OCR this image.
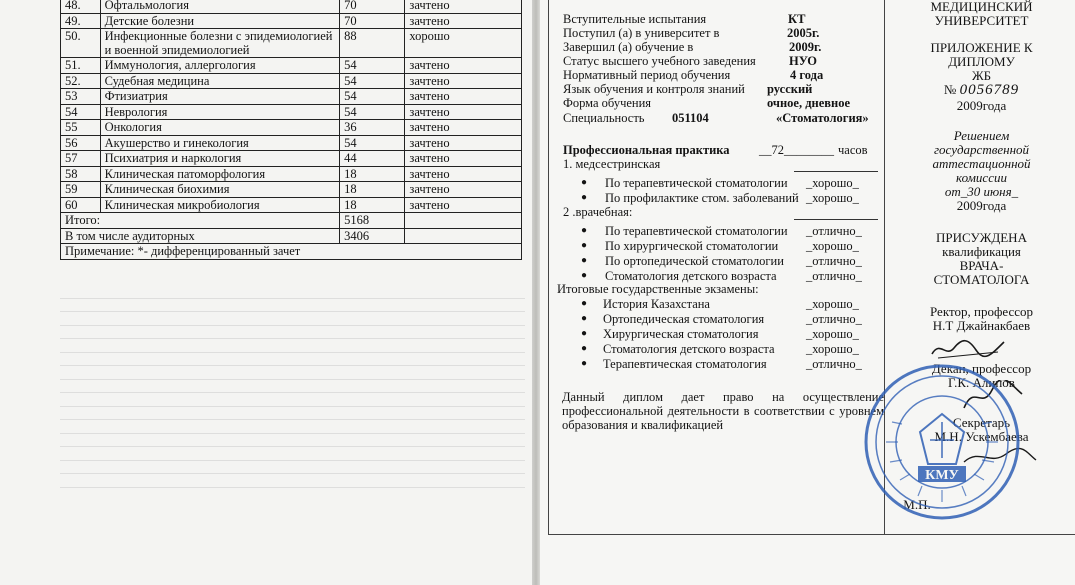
48.	Офтальмология	70	зачтено
49.	Детские болезни	70	зачтено
50.	Инфекционные болезни с эпидемиологией и военной эпидемиологией	88	хорошо
51.	Иммунология, аллергология	54	зачтено
52.	Судебная медицина	54	зачтено
53	Фтизиатрия	54	зачтено
54	Неврология	54	зачтено
55	Онкология	36	зачтено
56	Акушерство и гинекология	54	зачтено
57	Психиатрия и наркология	44	зачтено
58	Клиническая патоморфология	18	зачтено
59	Клиническая биохимия	18	зачтено
60	Клиническая микробиология	18	зачтено
Итого:		5168	
В том числе аудиторных		3406	
Примечание: *- дифференцированный зачет			
Вступительные испытания	КТ
Поступил (а) в университет в	2005г.
Завершил (а) обучение в	2009г.
Статус высшего учебного заведения	НУО
Нормативный период обучения	4 года
Язык обучения и контроля знаний русский
Форма обучения	очное, дневное
Специальность 051104	«Стоматология»
Профессиональная практика __72________ часов
1. медсестринская
● По терапевтической стоматологии _хорошо_
● По профилактике стом. заболеваний _хорошо_
2 .врачебная:
● По терапевтической стоматологии _отлично_
● По хирургической стоматологии _хорошо_
● По ортопедической стоматологии _отлично_
● Стоматология детского возраста _отлично_
Итоговые государственные экзамены:
● История Казахстана	_хорошо_
● Ортопедическая стоматология	_отлично_
● Хирургическая стоматология	_хорошо_
● Стоматология детского возраста	_хорошо_
● Терапевтическая стоматология	_отлично_
Данный диплом дает право на осуществление профессиональной деятельности в соответствии с уровнем образования и квалификацией
МЕДИЦИНСКИЙ УНИВЕРСИТЕТ
ПРИЛОЖЕНИЕ К
ДИПЛОМУ
ЖБ
№ 0056789
2009года
Решением
государственной
аттестационной
комиссии
от_30 июня_
2009года
ПРИСУЖДЕНА
квалификация
ВРАЧА-
СТОМАТОЛОГА
Ректор, профессор
Н.Т Джайнакбаев
Декан, профессор
Г.К. Алипов
Секретарь
М.Н. Ускембаева
М.П.
КМУ
